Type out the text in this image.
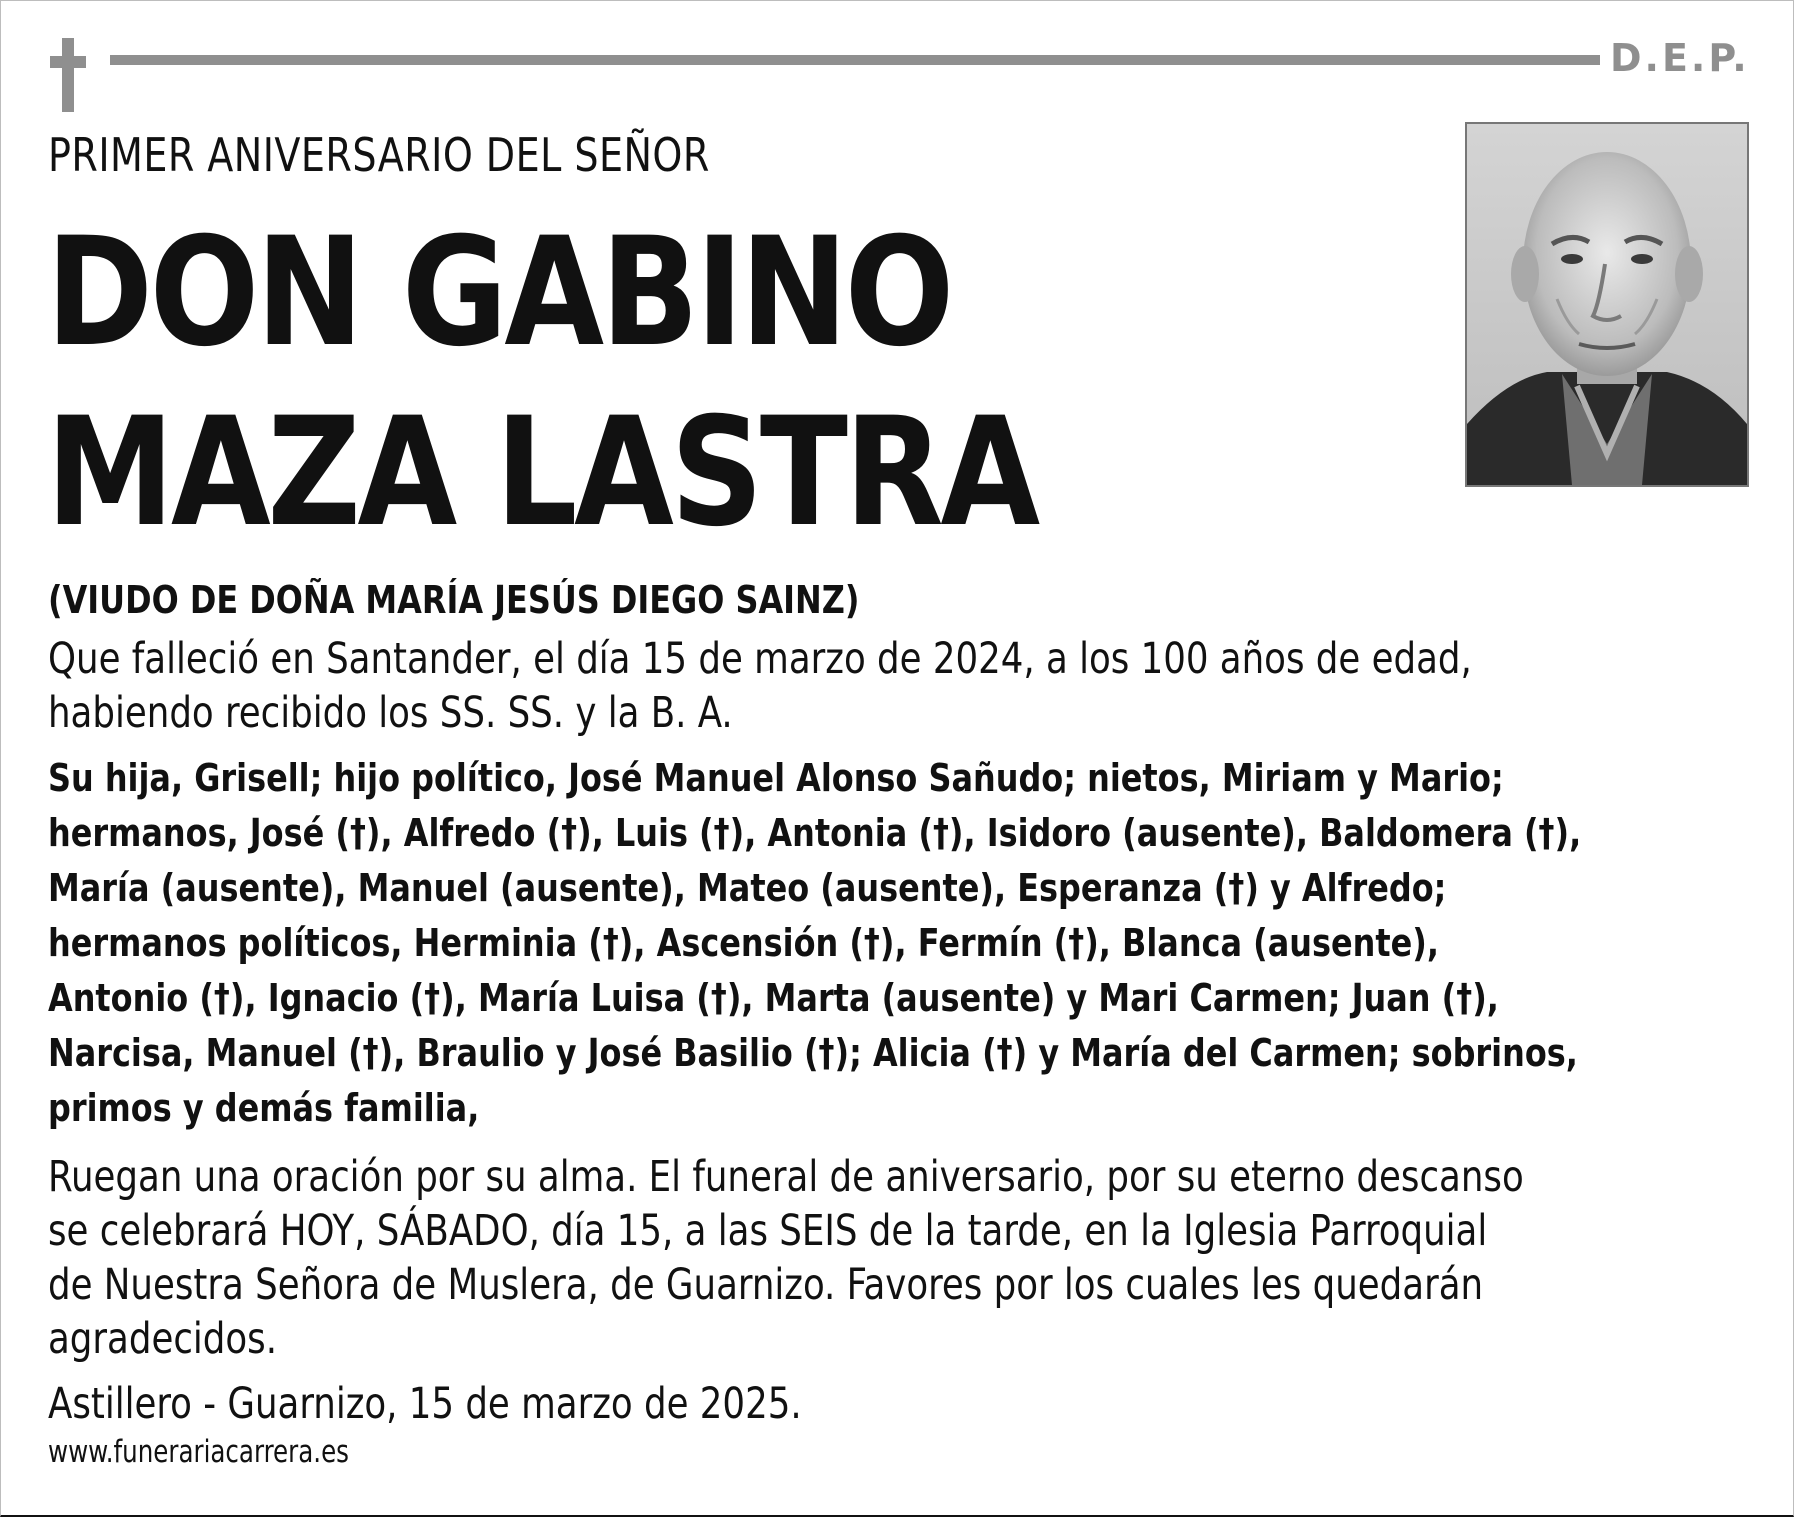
D.E.P.
PRIMER ANIVERSARIO DEL SEÑOR
DON GABINO
MAZA LASTRA
(VIUDO DE DOÑA MARÍA JESÚS DIEGO SAINZ)
Que falleció en Santander, el día 15 de marzo de 2024, a los 100 años de edad,
habiendo recibido los SS. SS. y la B. A.
Su hija, Grisell; hijo político, José Manuel Alonso Sañudo; nietos, Miriam y Mario;
hermanos, José (†), Alfredo (†), Luis (†), Antonia (†), Isidoro (ausente), Baldomera (†),
María (ausente), Manuel (ausente), Mateo (ausente), Esperanza (†) y Alfredo;
hermanos políticos, Herminia (†), Ascensión (†), Fermín (†), Blanca (ausente),
Antonio (†), Ignacio (†), María Luisa (†), Marta (ausente) y Mari Carmen; Juan (†),
Narcisa, Manuel (†), Braulio y José Basilio (†); Alicia (†) y María del Carmen; sobrinos,
primos y demás familia,
Ruegan una oración por su alma. El funeral de aniversario, por su eterno descanso
se celebrará HOY, SÁBADO, día 15, a las SEIS de la tarde, en la Iglesia Parroquial
de Nuestra Señora de Muslera, de Guarnizo. Favores por los cuales les quedarán
agradecidos.
Astillero - Guarnizo, 15 de marzo de 2025.
www.funerariacarrera.es
